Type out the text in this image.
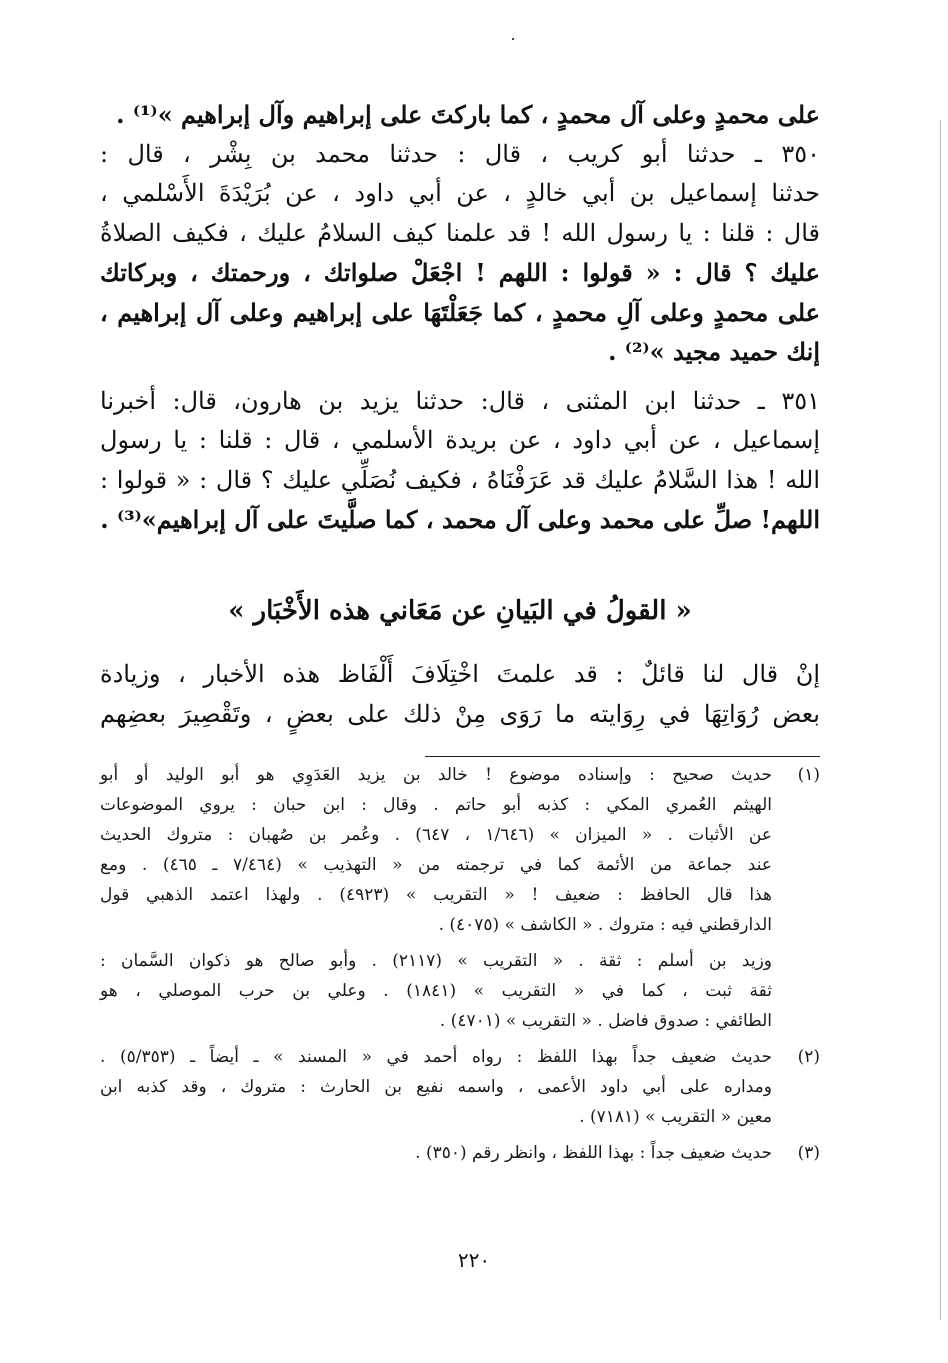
على محمدٍ وعلى آل محمدٍ ، كما باركتَ على إبراهيم وآل إبراهيم »⁽¹⁾ .
٣٥٠ ـ حدثنا أبو كريب ، قال : حدثنا محمد بن بِشْر ، قال :
حدثنا إسماعيل بن أبي خالدٍ ، عن أبي داود ، عن بُرَيْدَةَ الأَسْلمي ،
قال : قلنا : يا رسول الله ! قد علمنا كيف السلامُ عليك ، فكيف الصلاةُ
عليك ؟ قال : « قولوا : اللهم ! اجْعَلْ صلواتك ، ورحمتك ، وبركاتك
على محمدٍ وعلى آلِ محمدٍ ، كما جَعَلْتَهَا على إبراهيم وعلى آل إبراهيم ،
إنك حميد مجيد »⁽²⁾ .
٣٥١ ـ حدثنا ابن المثنى ، قال: حدثنا يزيد بن هارون، قال: أخبرنا
إسماعيل ، عن أبي داود ، عن بريدة الأسلمي ، قال : قلنا : يا رسول
الله ! هذا السَّلامُ عليك قد عَرَفْنَاهُ ، فكيف نُصَلِّي عليك ؟ قال : « قولوا :
اللهم! صلِّ على محمد وعلى آل محمد ، كما صلَّيتَ على آل إبراهيم»⁽³⁾ .
« القولُ في البَيانِ عن مَعَاني هذه الأَخْبَار »
إنْ قال لنا قائلٌ : قد علمتَ اخْتِلَافَ أَلْفَاظ هذه الأخبار ، وزيادة
بعض رُوَاتِهَا في رِوَايته ما رَوَى مِنْ ذلك على بعضٍ ، وتَقْصِيرَ بعضِهم
(١)
حديث صحيح : وإسناده موضوع ! خالد بن يزيد العَدَوِي هو أبو الوليد أو أبو
الهيثم العُمري المكي : كذبه أبو حاتم . وقال : ابن حبان : يروي الموضوعات
عن الأثبات . « الميزان » (١/٦٤٦ ، ٦٤٧) . وعُمر بن صُهبان : متروك الحديث
عند جماعة من الأئمة كما في ترجمته من « التهذيب » (٧/٤٦٤ ـ ٤٦٥) . ومع
هذا قال الحافظ : ضعيف ! « التقريب » (٤٩٢٣) . ولهذا اعتمد الذهبي قول
الدارقطني فيه : متروك . « الكاشف » (٤٠٧٥) .
وزيد بن أسلم : ثقة . « التقريب » (٢١١٧) . وأبو صالح هو ذكوان السَّمان :
ثقة ثبت ، كما في « التقريب » (١٨٤١) . وعلي بن حرب الموصلي ، هو
الطائفي : صدوق فاضل . « التقريب » (٤٧٠١) .
(٢)
حديث ضعيف جداً بهذا اللفظ : رواه أحمد في « المسند » ـ أيضاً ـ (٥/٣٥٣) .
ومداره على أبي داود الأعمى ، واسمه نفيع بن الحارث : متروك ، وقد كذبه ابن
معين « التقريب » (٧١٨١) .
(٣)
حديث ضعيف جداً : بهذا اللفظ ، وانظر رقم (٣٥٠) .
٢٢٠
